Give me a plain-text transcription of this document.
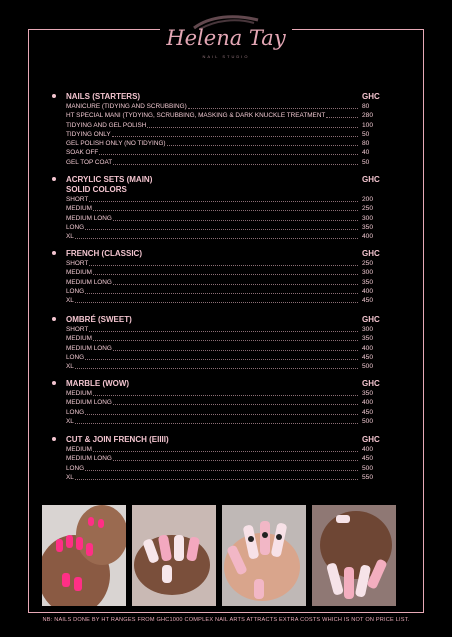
Helena Tay
NAIL STUDIO
NAILS (STARTERS)	GHC
MANICURE (TIDYING AND SCRUBBING)	80
HT SPECIAL MANI (TYDYING, SCRUBBING, MASKING & DARK KNUCKLE TREATMENT	280
TIDYING AND GEL POLISH	100
TIDYING ONLY	50
GEL POLISH ONLY (NO TIDYING)	80
SOAK OFF	40
GEL TOP COAT	50
ACRYLIC SETS (MAIN)	GHC
SOLID COLORS
SHORT	200
MEDIUM	250
MEDIUM LONG	300
LONG	350
XL	400
FRENCH (CLASSIC)	GHC
SHORT	250
MEDIUM	300
MEDIUM LONG	350
LONG	400
XL	450
OMBRÉ (SWEET)	GHC
SHORT	300
MEDIUM	350
MEDIUM LONG	400
LONG	450
XL	500
MARBLE (WOW)	GHC
MEDIUM	350
MEDIUM LONG	400
LONG	450
XL	500
CUT & JOIN FRENCH (EIIII)	GHC
MEDIUM	400
MEDIUM LONG	450
LONG	500
XL	550
NB: NAILS DONE BY HT RANGES FROM GHC1000 COMPLEX NAIL ARTS ATTRACTS EXTRA COSTS WHICH IS NOT ON PRICE LIST.
